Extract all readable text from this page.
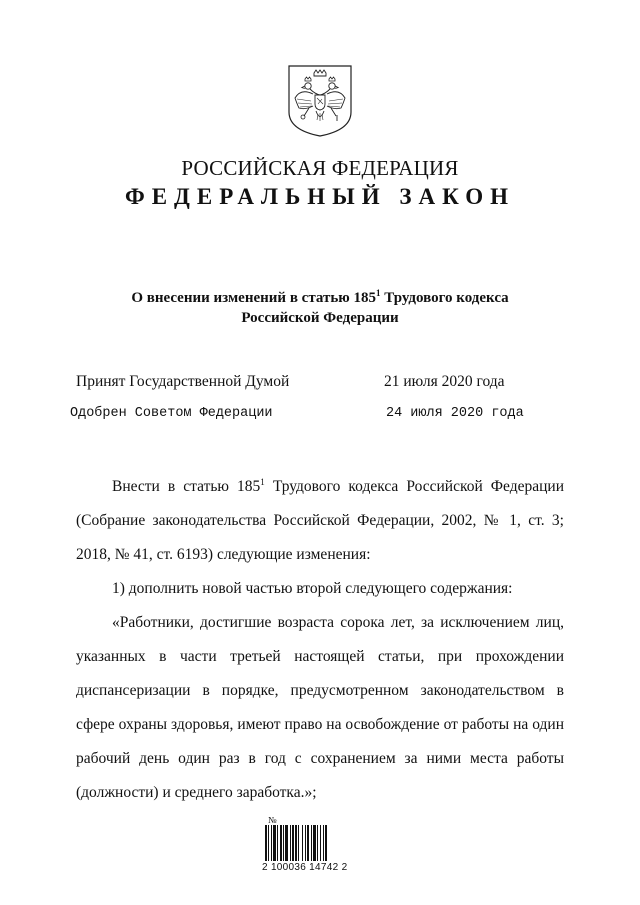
РОССИЙСКАЯ ФЕДЕРАЦИЯ
ФЕДЕРАЛЬНЫЙ ЗАКОН
О внесении изменений в статью $185^1$ Трудового кодекса
Российской Федерации
Принят Государственной Думой	21 июля 2020 года
Одобрен Советом Федерации	24 июля 2020 года

Внести в статью $185^1$ Трудового кодекса Российской Федерации (Собрание законодательства Российской Федерации, 2002, № 1, ст. 3; 2018, № 41, ст. 6193) следующие изменения:

1) дополнить новой частью второй следующего содержания:

«Работники, достигшие возраста сорока лет, за исключением лиц, указанных в части третьей настоящей статьи, при прохождении диспансеризации в порядке, предусмотренном законодательством в сфере охраны здоровья, имеют право на освобождение от работы на один рабочий день один раз в год с сохранением за ними места работы (должности) и среднего заработка.»;

№
2 100036 14742 2
